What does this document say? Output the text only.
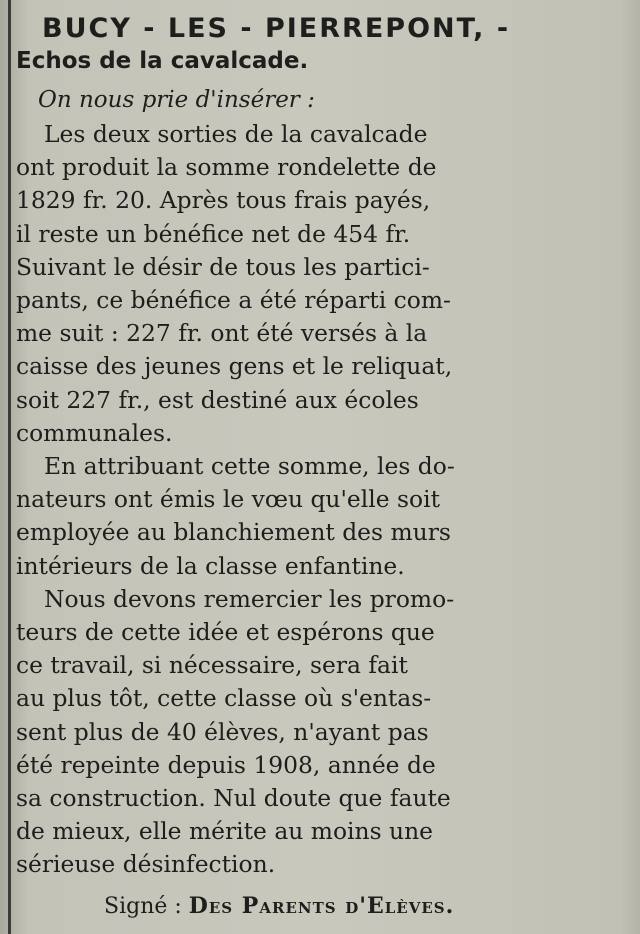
BUCY - LES - PIERREPONT, -
Echos de la cavalcade.

On nous prie d'insérer :

Les deux sorties de la cavalcade
ont produit la somme rondelette de
1829 fr. 20. Après tous frais payés,
il reste un bénéfice net de 454 fr.
Suivant le désir de tous les partici-
pants, ce bénéfice a été réparti com-
me suit : 227 fr. ont été versés à la
caisse des jeunes gens et le reliquat,
soit 227 fr., est destiné aux écoles
communales.

En attribuant cette somme, les do-
nateurs ont émis le vœu qu'elle soit
employée au blanchiement des murs
intérieurs de la classe enfantine.

Nous devons remercier les promo-
teurs de cette idée et espérons que
ce travail, si nécessaire, sera fait
au plus tôt, cette classe où s'entas-
sent plus de 40 élèves, n'ayant pas
été repeinte depuis 1908, année de
sa construction. Nul doute que faute
de mieux, elle mérite au moins une
sérieuse désinfection.

Signé : Des Parents d'Elèves.
